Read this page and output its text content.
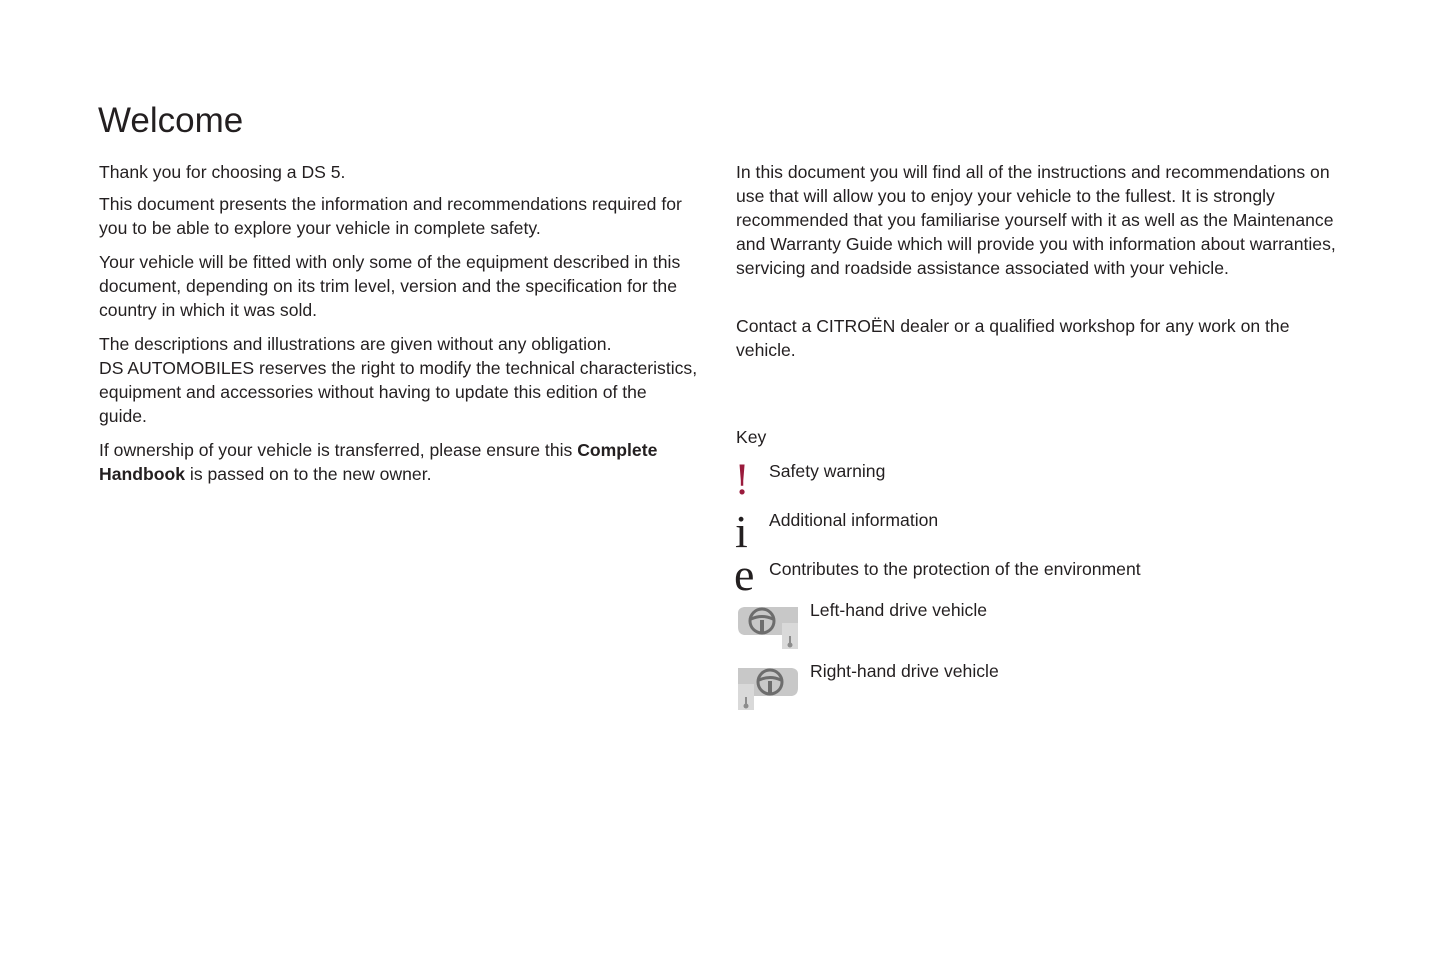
Welcome

Thank you for choosing a DS 5.

This document presents the information and recommendations required for you to be able to explore your vehicle in complete safety.

Your vehicle will be fitted with only some of the equipment described in this document, depending on its trim level, version and the specification for the country in which it was sold.

The descriptions and illustrations are given without any obligation.

DS AUTOMOBILES reserves the right to modify the technical characteristics, equipment and accessories without having to update this edition of the guide.

If ownership of your vehicle is transferred, please ensure this Complete Handbook is passed on to the new owner.

In this document you will find all of the instructions and recommendations on use that will allow you to enjoy your vehicle to the fullest. It is strongly recommended that you familiarise yourself with it as well as the Maintenance and Warranty Guide which will provide you with information about warranties, servicing and roadside assistance associated with your vehicle.

Contact a CITROËN dealer or a qualified workshop for any work on the vehicle.

Key
! Safety warning
i Additional information
e Contributes to the protection of the environment
Left-hand drive vehicle
Right-hand drive vehicle
